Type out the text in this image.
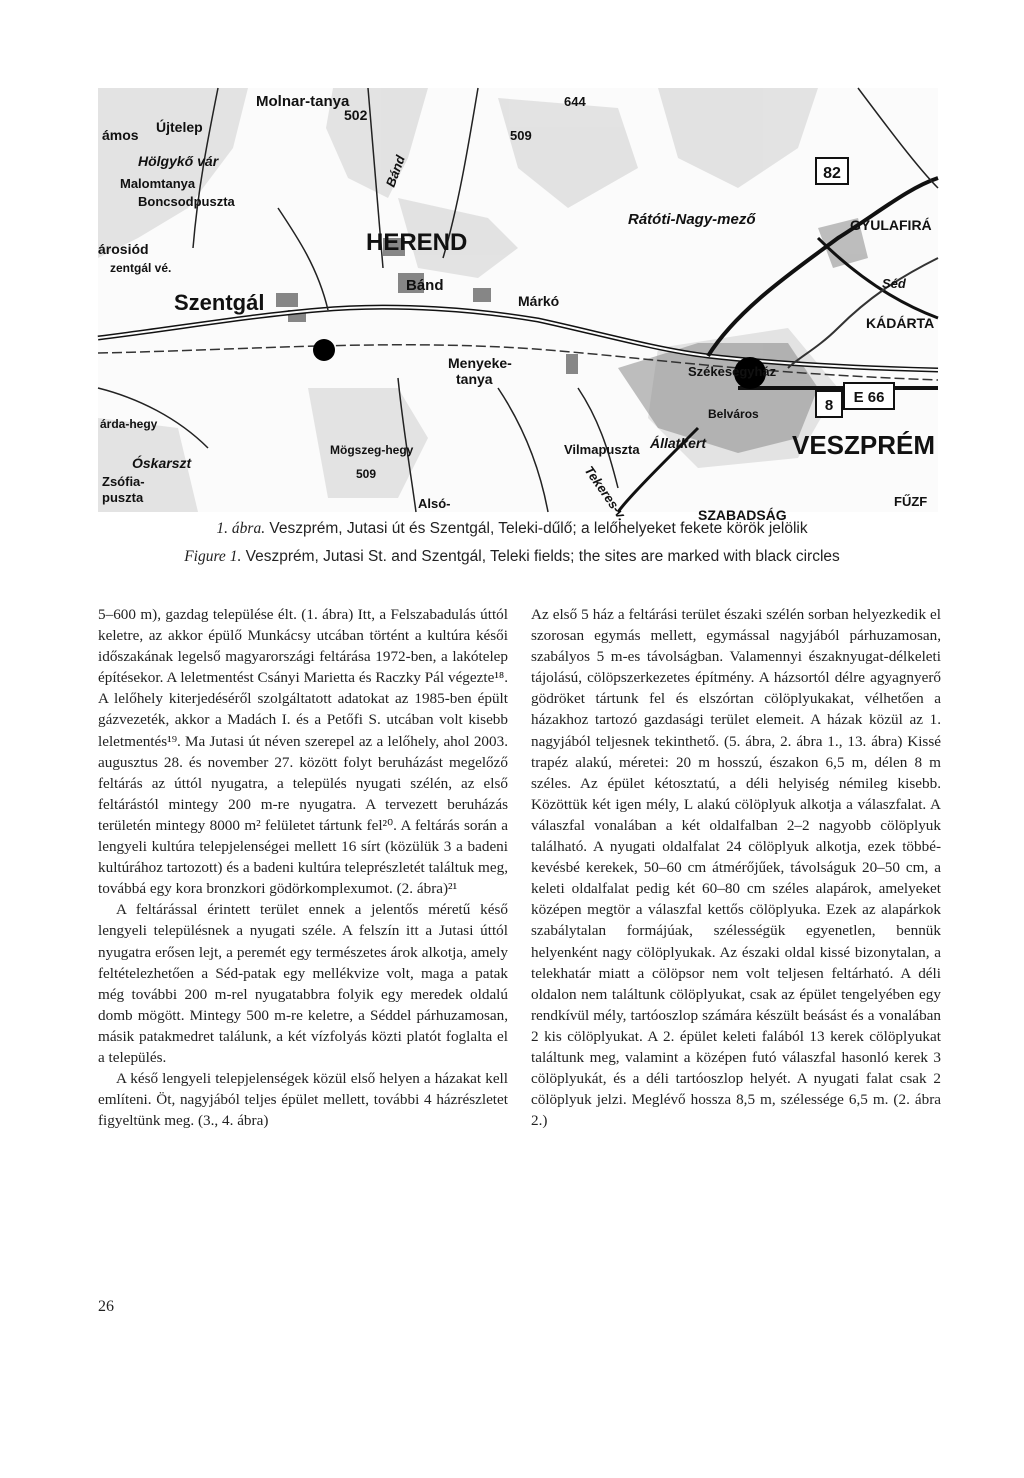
82
8 E 66
Molnar-tanya
502
644
509
ámos Újtelep
Hölgykő vár
Malomtanya
Boncsodpuszta
árosiód
zentgál vé.
HEREND
Bánd
Bánd
Szentgál	Márkó
Rátóti-Nagy-mező	GYULAFIRÁ
Séd
KÁDÁRTA
Menyeke-
tanya	Székesegyház
Belváros
árda-hegy
Óskarszt
Zsófia-
puszta
Mögszeg-hegy
509
Alsó-
Vilmapuszta
Tekeres-v.
Állatkert	VESZPRÉM
FŰZF
SZABADSÁG
1. ábra. Veszprém, Jutasi út és Szentgál, Teleki-dűlő; a lelőhelyeket fekete körök jelölik
Figure 1. Veszprém, Jutasi St. and Szentgál, Teleki fields; the sites are marked with black circles

5–600 m), gazdag települése élt. (1. ábra) Itt, a Felszabadulás úttól keletre, az akkor épülő Munkácsy utcában történt a kultúra késői időszakának legelső magyarországi feltárása 1972-ben, a lakótelep építésekor. A leletmentést Csányi Marietta és Raczky Pál végezte¹⁸. A lelőhely kiterjedéséről szolgáltatott adatokat az 1985-ben épült gázvezeték, akkor a Madách I. és a Petőfi S. utcában volt kisebb leletmentés¹⁹. Ma Jutasi út néven szerepel az a lelőhely, ahol 2003. augusztus 28. és november 27. között folyt beruházást megelőző feltárás az úttól nyugatra, a település nyugati szélén, az első feltárástól mintegy 200 m-re nyugatra. A tervezett beruházás területén mintegy 8000 m² felületet tártunk fel²⁰. A feltárás során a lengyeli kultúra telepjelenségei mellett 16 sírt (közülük 3 a badeni kultúrához tartozott) és a badeni kultúra teleprészletét találtuk meg, továbbá egy kora bronzkori gödörkomplexumot. (2. ábra)²¹

A feltárással érintett terület ennek a jelentős méretű késő lengyeli településnek a nyugati széle. A felszín itt a Jutasi úttól nyugatra erősen lejt, a peremét egy természetes árok alkotja, amely feltételezhetően a Séd-patak egy mellékvize volt, maga a patak még további 200 m-rel nyugatabbra folyik egy meredek oldalú domb mögött. Mintegy 500 m-re keletre, a Séddel párhuzamosan, másik patakmedret találunk, a két vízfolyás közti platót foglalta el a település.

A késő lengyeli telepjelenségek közül első helyen a házakat kell említeni. Öt, nagyjából teljes épület mellett, további 4 házrészletet figyeltünk meg. (3., 4. ábra)

Az első 5 ház a feltárási terület északi szélén sorban helyezkedik el szorosan egymás mellett, egymással nagyjából párhuzamosan, szabályos 5 m-es távolságban. Valamennyi északnyugat-délkeleti tájolású, cölöpszerkezetes építmény. A házsortól délre agyagnyerő gödröket tártunk fel és elszórtan cölöplyukakat, vélhetően a házakhoz tartozó gazdasági terület elemeit. A házak közül az 1. nagyjából teljesnek tekinthető. (5. ábra, 2. ábra 1., 13. ábra) Kissé trapéz alakú, méretei: 20 m hosszú, északon 6,5 m, délen 8 m széles. Az épület kétosztatú, a déli helyiség némileg kisebb. Közöttük két igen mély, L alakú cölöplyuk alkotja a válaszfalat. A válaszfal vonalában a két oldalfalban 2–2 nagyobb cölöplyuk található. A nyugati oldalfalat 24 cölöplyuk alkotja, ezek többé-kevésbé kerekek, 50–60 cm átmérőjűek, távolságuk 20–50 cm, a keleti oldalfalat pedig két 60–80 cm széles alapárok, amelyeket középen megtör a válaszfal kettős cölöplyuka. Ezek az alapárkok szabálytalan formájúak, szélességük egyenetlen, bennük helyenként nagy cölöplyukak. Az északi oldal kissé bizonytalan, a telekhatár miatt a cölöpsor nem volt teljesen feltárható. A déli oldalon nem találtunk cölöplyukat, csak az épület tengelyében egy rendkívül mély, tartóoszlop számára készült beásást és a vonalában 2 kis cölöplyukat. A 2. épület keleti falából 13 kerek cölöplyukat találtunk meg, valamint a középen futó válaszfal hasonló kerek 3 cölöplyukát, és a déli tartóoszlop helyét. A nyugati falat csak 2 cölöplyuk jelzi. Meglévő hossza 8,5 m, szélessége 6,5 m. (2. ábra 2.)

26
